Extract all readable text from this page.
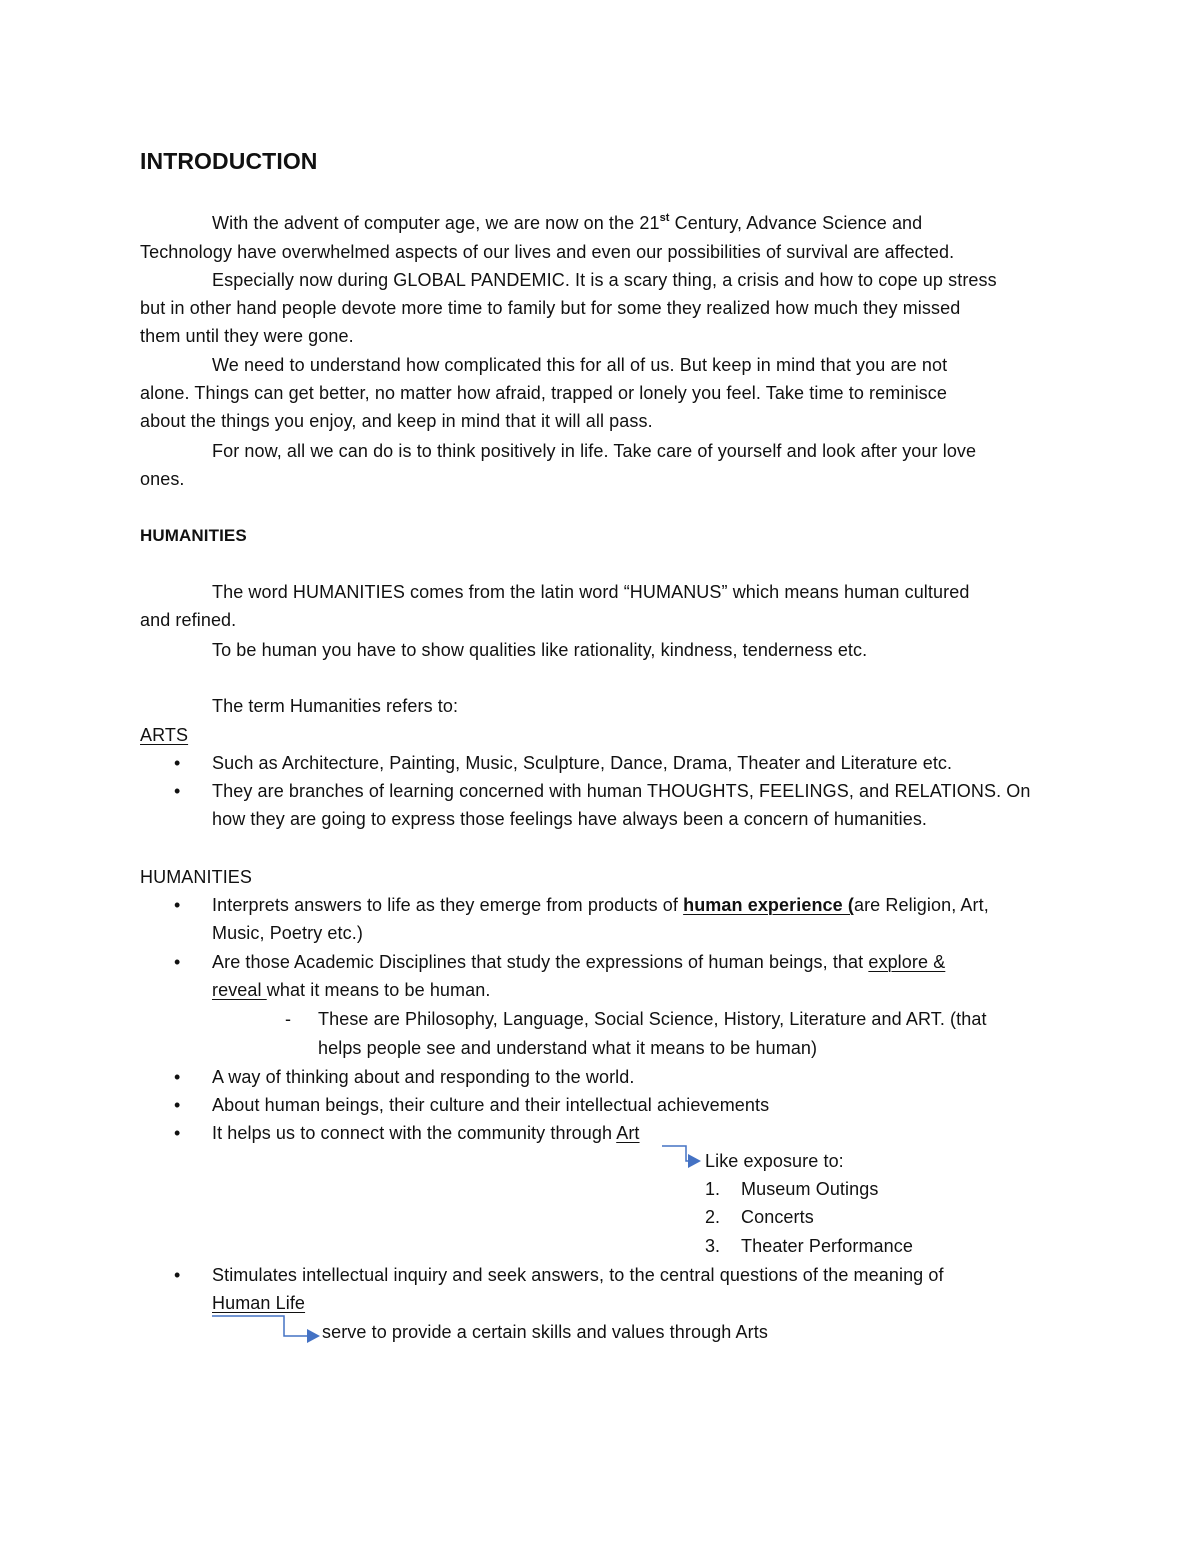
INTRODUCTION
With the advent of computer age, we are now on the 21st Century, Advance Science and
Technology have overwhelmed aspects of our lives and even our possibilities of survival are affected.
Especially now during GLOBAL PANDEMIC. It is a scary thing, a crisis and how to cope up stress
but in other hand people devote more time to family but for some they realized how much they missed
them until they were gone.
We need to understand how complicated this for all of us. But keep in mind that you are not
alone. Things can get better, no matter how afraid, trapped or lonely you feel. Take time to reminisce
about the things you enjoy, and keep in mind that it will all pass.
For now, all we can do is to think positively in life. Take care of yourself and look after your love
ones.
HUMANITIES
The word HUMANITIES comes from the latin word “HUMANUS” which means human cultured
and refined.
To be human you have to show qualities like rationality, kindness, tenderness etc.
The term Humanities refers to:
ARTS
• Such as Architecture, Painting, Music, Sculpture, Dance, Drama, Theater and Literature etc.
• They are branches of learning concerned with human THOUGHTS, FEELINGS, and RELATIONS. On
how they are going to express those feelings have always been a concern of humanities.
HUMANITIES
• Interprets answers to life as they emerge from products of human experience (are Religion, Art,
Music, Poetry etc.)
• Are those Academic Disciplines that study the expressions of human beings, that explore &
reveal what it means to be human.
- These are Philosophy, Language, Social Science, History, Literature and ART. (that
helps people see and understand what it means to be human)
• A way of thinking about and responding to the world.
• About human beings, their culture and their intellectual achievements
• It helps us to connect with the community through Art
Like exposure to:
1. Museum Outings
2. Concerts
3. Theater Performance
• Stimulates intellectual inquiry and seek answers, to the central questions of the meaning of
Human Life
serve to provide a certain skills and values through Arts
